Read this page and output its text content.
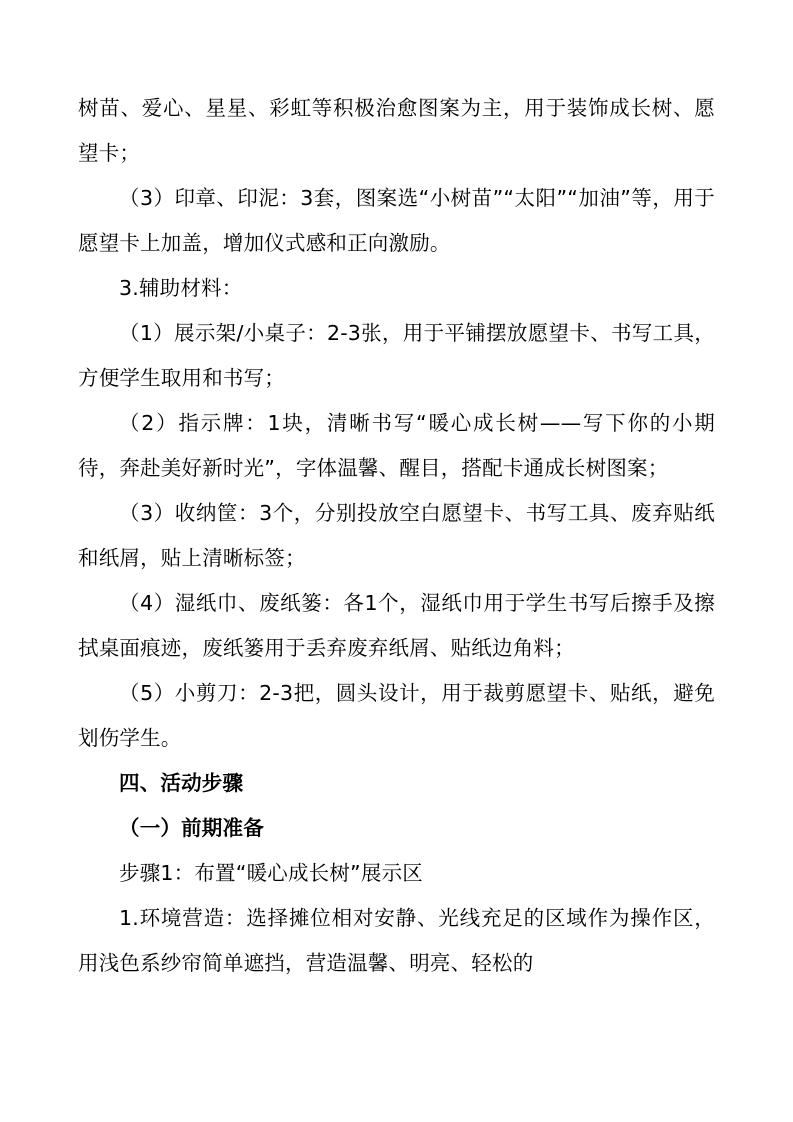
树苗、爱心、星星、彩虹等积极治愈图案为主，用于装饰成长树、愿望卡；

（3）印章、印泥：3套，图案选“小树苗”“太阳”“加油”等，用于愿望卡上加盖，增加仪式感和正向激励。

3.辅助材料：

（1）展示架/小桌子：2-3张，用于平铺摆放愿望卡、书写工具，方便学生取用和书写；

（2）指示牌：1块，清晰书写“暖心成长树——写下你的小期待，奔赴美好新时光”，字体温馨、醒目，搭配卡通成长树图案；

（3）收纳筐：3个，分别投放空白愿望卡、书写工具、废弃贴纸和纸屑，贴上清晰标签；

（4）湿纸巾、废纸篓：各1个，湿纸巾用于学生书写后擦手及擦拭桌面痕迹，废纸篓用于丢弃废弃纸屑、贴纸边角料；

（5）小剪刀：2-3把，圆头设计，用于裁剪愿望卡、贴纸，避免划伤学生。

四、活动步骤

（一）前期准备

步骤1：布置“暖心成长树”展示区

1.环境营造：选择摊位相对安静、光线充足的区域作为操作区，用浅色系纱帘简单遮挡，营造温馨、明亮、轻松的
